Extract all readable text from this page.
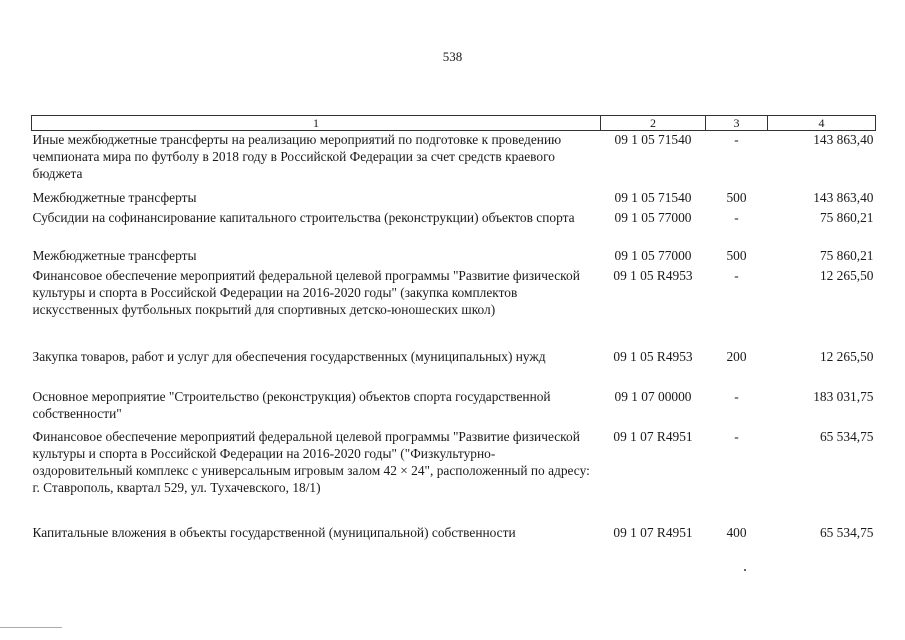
538
1	2	3	4
Иные межбюджетные трансферты на реализацию мероприятий по подготовке к проведению чемпионата мира по футболу в 2018 году в Российской Федерации за счет средств краевого бюджета	09 1 05 71540	-	143 863,40
Межбюджетные трансферты	09 1 05 71540	500	143 863,40
Субсидии на софинансирование капитального строительства (реконструкции) объектов спорта	09 1 05 77000	-	75 860,21
Межбюджетные трансферты	09 1 05 77000	500	75 860,21
Финансовое обеспечение мероприятий федеральной целевой программы "Развитие физической культуры и спорта в Российской Федерации на 2016-2020 годы" (закупка комплектов искусственных футбольных покрытий для спортивных детско-юношеских школ)	09 1 05 R4953	-	12 265,50
Закупка товаров, работ и услуг для обеспечения государственных (муниципальных) нужд	09 1 05 R4953	200	12 265,50
Основное мероприятие "Строительство (реконструкция) объектов спорта государственной собственности"	09 1 07 00000	-	183 031,75
Финансовое обеспечение мероприятий федеральной целевой программы "Развитие физической культуры и спорта в Российской Федерации на 2016-2020 годы" ("Физкультурно-оздоровительный комплекс с универсальным игровым залом 42 × 24", расположенный по адресу: г. Ставрополь, квартал 529, ул. Тухачевского, 18/1)	09 1 07 R4951	-	65 534,75
Капитальные вложения в объекты государственной (муниципальной) собственности	09 1 07 R4951	400	65 534,75
